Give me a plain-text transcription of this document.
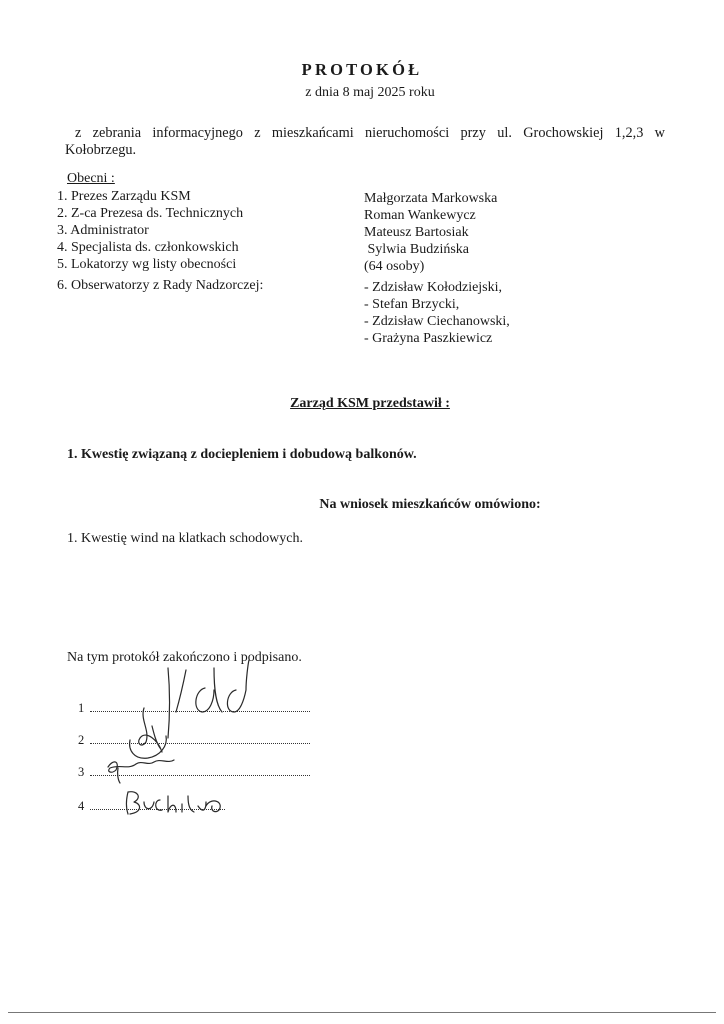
PROTOKÓŁ
z dnia 8 maj 2025 roku
z zebrania informacyjnego z mieszkańcami nieruchomości przy ul. Grochowskiej 1,2,3 w
Kołobrzegu.
Obecni :
1. Prezes Zarządu KSM
2. Z-ca Prezesa ds. Technicznych
3. Administrator
4. Specjalista ds. członkowskich
5. Lokatorzy wg listy obecności
6. Obserwatorzy z Rady Nadzorczej:
Małgorzata Markowska
Roman Wankewycz
Mateusz Bartosiak
Sylwia Budzińska
(64 osoby)
- Zdzisław Kołodziejski,
- Stefan Brzycki,
- Zdzisław Ciechanowski,
- Grażyna Paszkiewicz
Zarząd KSM przedstawił :
1. Kwestię związaną z dociepleniem i dobudową balkonów.
Na wniosek mieszkańców omówiono:
1. Kwestię wind na klatkach schodowych.
Na tym protokół zakończono i podpisano.
1
2
3
4
